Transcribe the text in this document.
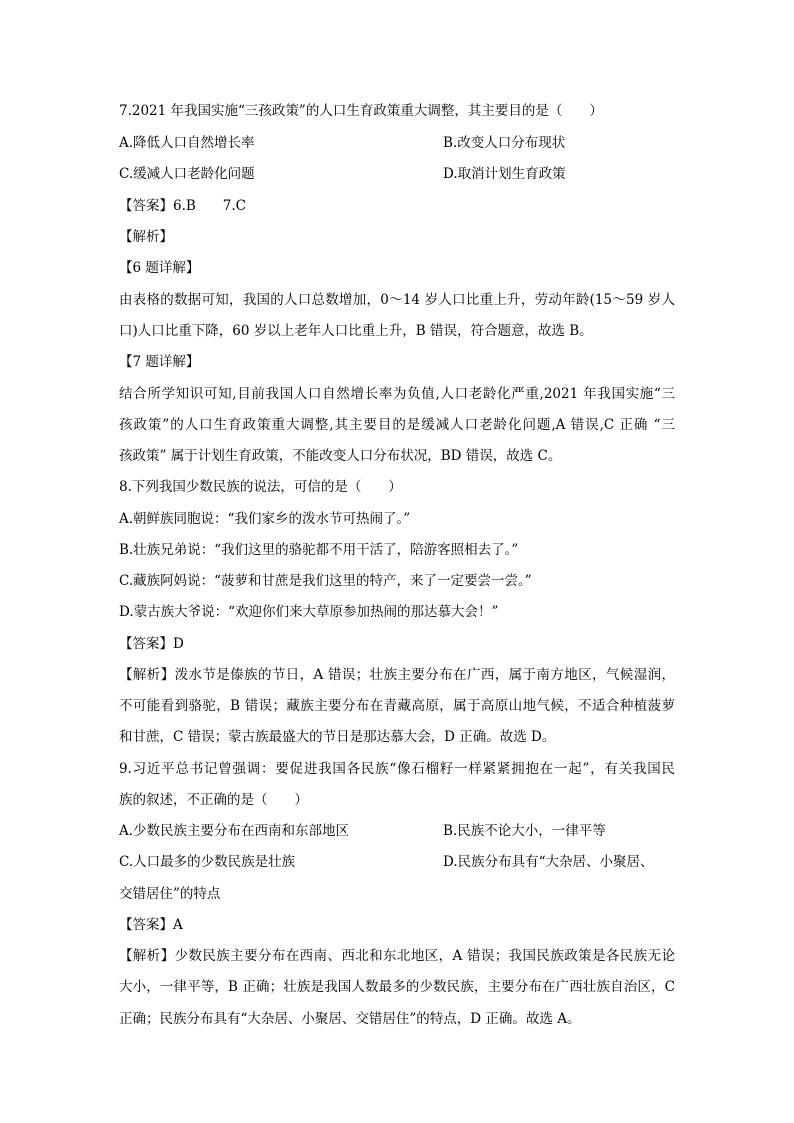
7.2021 年我国实施“三孩政策”的人口生育政策重大调整，其主要目的是（　　）
A.降低人口自然增长率	B.改变人口分布现状
C.缓减人口老龄化问题	D.取消计划生育政策
【答案】6.B　　7.C
【解析】
【6 题详解】
由表格的数据可知，我国的人口总数增加，0～14 岁人口比重上升，劳动年龄(15～59 岁人
口)人口比重下降，60 岁以上老年人口比重上升，B 错误，符合题意，故选 B。
【7 题详解】
结合所学知识可知,目前我国人口自然增长率为负值,人口老龄化严重,2021 年我国实施“三
孩政策”的人口生育政策重大调整,其主要目的是缓减人口老龄化问题,A 错误,C 正确 “三
孩政策” 属于计划生育政策，不能改变人口分布状况，BD 错误，故选 C。
8.下列我国少数民族的说法，可信的是（　　）
A.朝鲜族同胞说：“我们家乡的泼水节可热闹了。”
B.壮族兄弟说：“我们这里的骆驼都不用干活了，陪游客照相去了。”
C.藏族阿妈说：“菠萝和甘蔗是我们这里的特产，来了一定要尝一尝。”
D.蒙古族大爷说：“欢迎你们来大草原参加热闹的那达慕大会！”
【答案】D
【解析】泼水节是傣族的节日，A 错误；壮族主要分布在广西，属于南方地区，气候湿润，
不可能看到骆驼，B 错误；藏族主要分布在青藏高原，属于高原山地气候，不适合种植菠萝
和甘蔗，C 错误；蒙古族最盛大的节日是那达慕大会，D 正确。故选 D。
9.习近平总书记曾强调：要促进我国各民族“像石榴籽一样紧紧拥抱在一起”，有关我国民
族的叙述，不正确的是（　　）
A.少数民族主要分布在西南和东部地区	B.民族不论大小，一律平等
C.人口最多的少数民族是壮族	D.民族分布具有“大杂居、小聚居、
交错居住”的特点
【答案】A
【解析】少数民族主要分布在西南、西北和东北地区，A 错误；我国民族政策是各民族无论
大小，一律平等，B 正确；壮族是我国人数最多的少数民族，主要分布在广西壮族自治区，C
正确；民族分布具有“大杂居、小聚居、交错居住”的特点，D 正确。故选 A。
